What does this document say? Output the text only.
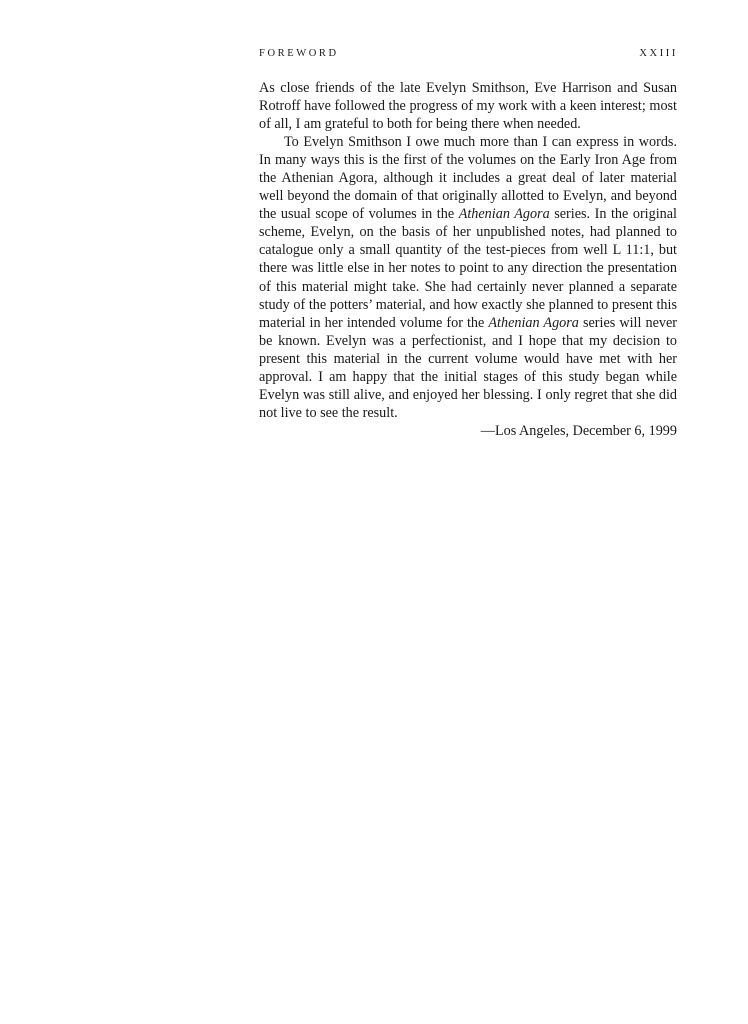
FOREWORD	XXIII

As close friends of the late Evelyn Smithson, Eve Harrison and Susan Rotroff have followed the progress of my work with a keen interest; most of all, I am grateful to both for being there when needed.

To Evelyn Smithson I owe much more than I can express in words. In many ways this is the first of the volumes on the Early Iron Age from the Athenian Agora, although it includes a great deal of later material well beyond the domain of that originally allotted to Evelyn, and beyond the usual scope of volumes in the Athenian Agora series. In the original scheme, Evelyn, on the basis of her unpublished notes, had planned to catalogue only a small quantity of the test-pieces from well L 11:1, but there was little else in her notes to point to any direction the presentation of this material might take. She had certainly never planned a separate study of the potters’ material, and how exactly she planned to present this material in her intended volume for the Athenian Agora series will never be known. Evelyn was a perfectionist, and I hope that my decision to present this material in the current volume would have met with her approval. I am happy that the initial stages of this study began while Evelyn was still alive, and enjoyed her blessing. I only regret that she did not live to see the result.

—Los Angeles, December 6, 1999
